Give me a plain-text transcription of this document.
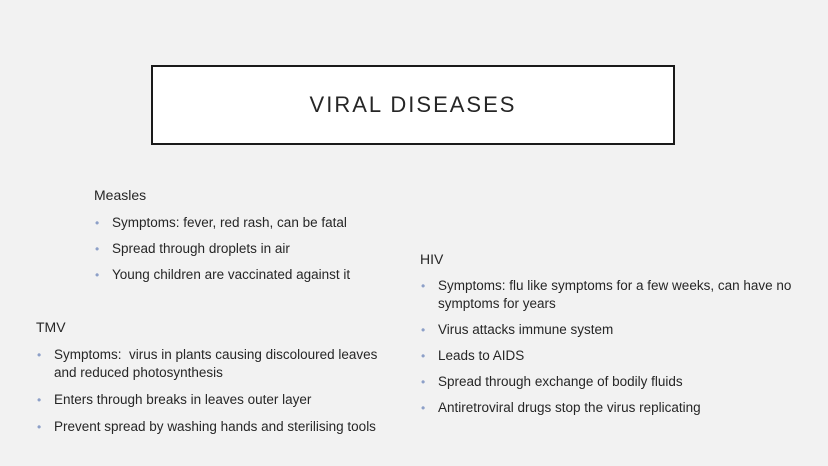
VIRAL DISEASES
Measles
• Symptoms: fever, red rash, can be fatal
• Spread through droplets in air
• Young children are vaccinated against it
TMV
• Symptoms:  virus in plants causing discoloured leaves and reduced photosynthesis
• Enters through breaks in leaves outer layer
• Prevent spread by washing hands and sterilising tools
HIV
• Symptoms: flu like symptoms for a few weeks, can have no symptoms for years
• Virus attacks immune system
• Leads to AIDS
• Spread through exchange of bodily fluids
• Antiretroviral drugs stop the virus replicating
